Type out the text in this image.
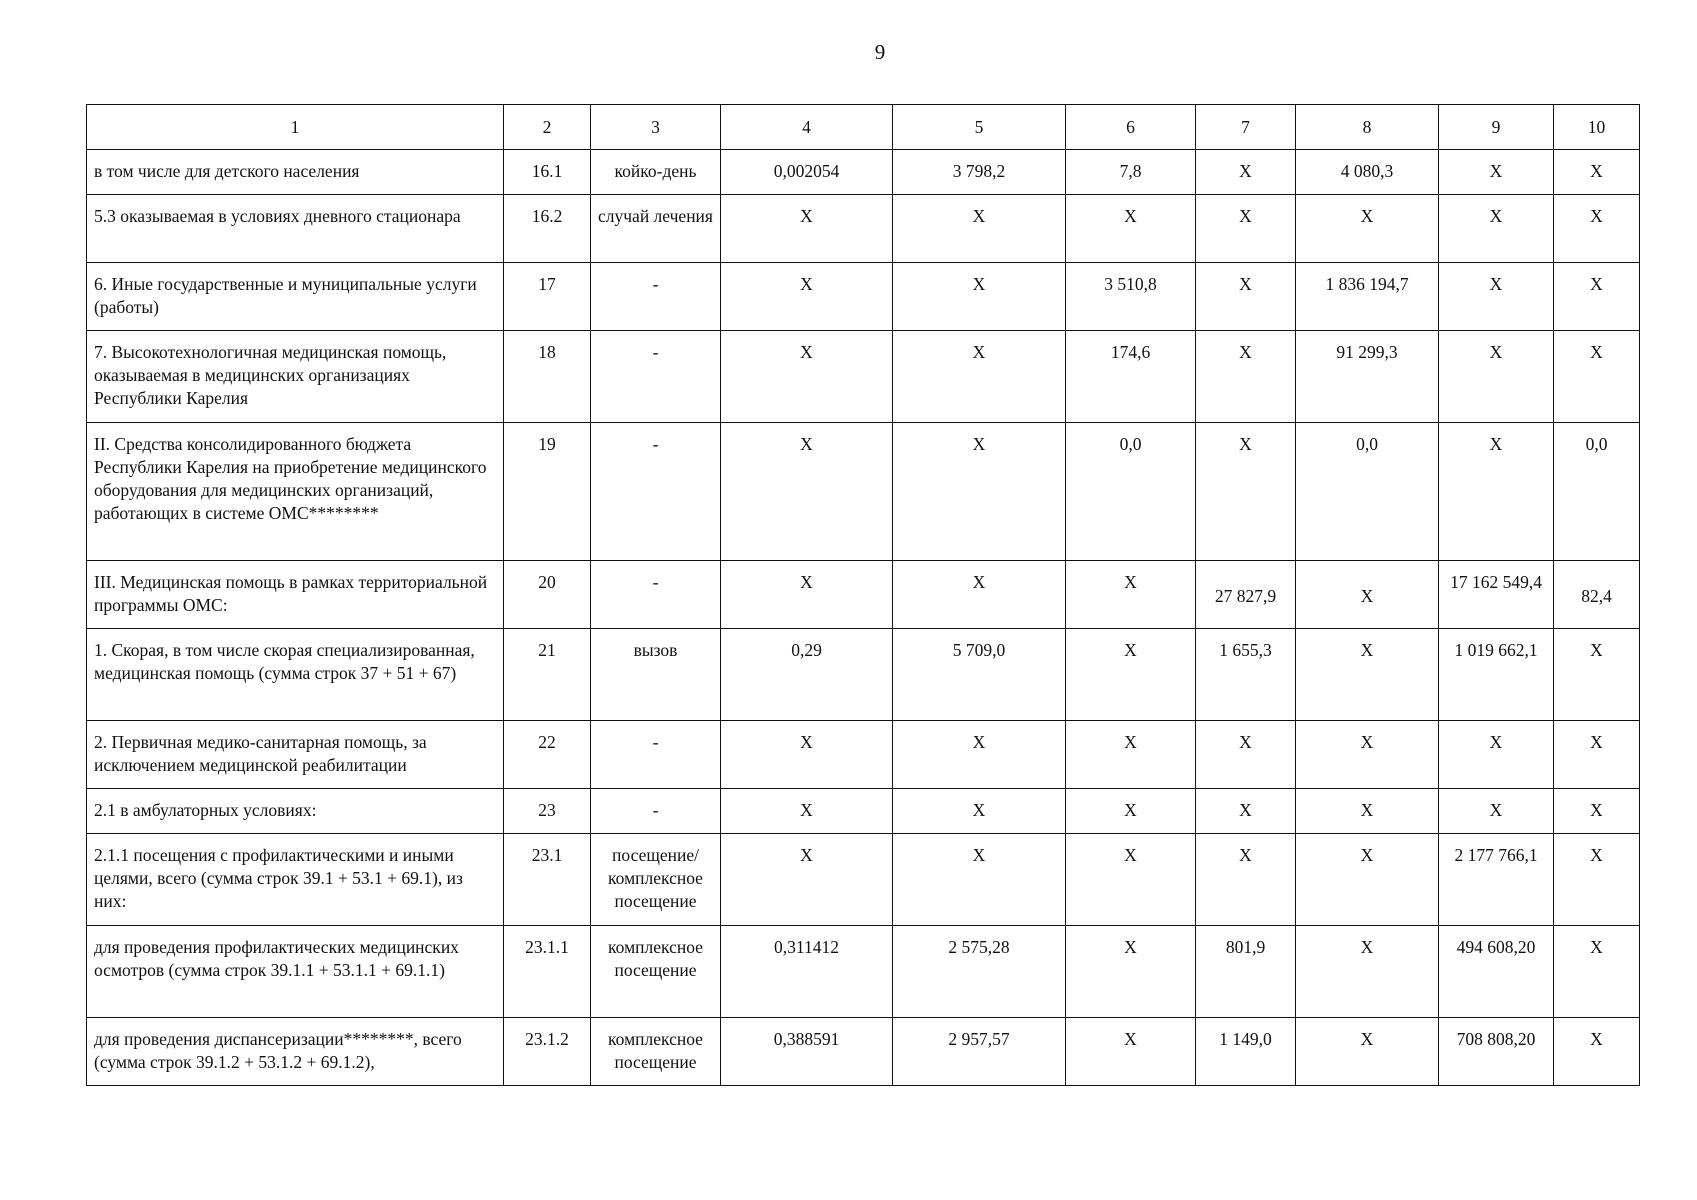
9
1	2	3	4	5	6	7	8	9	10
в том числе для детского населения	16.1	койко-день	0,002054	3 798,2	7,8	Х	4 080,3	Х	Х
5.3 оказываемая в условиях дневного стационара	16.2	случай лечения	Х	Х	Х	Х	Х	Х	Х
6. Иные государственные и муниципальные услуги (работы)	17	-	Х	Х	3 510,8	Х	1 836 194,7	Х	Х
7. Высокотехнологичная медицинская помощь, оказываемая в медицинских организациях Республики Карелия	18	-	Х	Х	174,6	Х	91 299,3	Х	Х
II. Средства консолидированного бюджета Республики Карелия на приобретение медицинского оборудования для медицинских организаций, работающих в системе ОМС********	19	-	Х	Х	0,0	Х	0,0	Х	0,0
III. Медицинская помощь в рамках территориальной программы ОМС:	20	-	Х	Х	Х	27 827,9	Х	17 162 549,4	82,4
1. Скорая, в том числе скорая специализированная, медицинская помощь (сумма строк 37 + 51 + 67)	21	вызов	0,29	5 709,0	Х	1 655,3	Х	1 019 662,1	Х
2. Первичная медико-санитарная помощь, за исключением медицинской реабилитации	22	-	Х	Х	Х	Х	Х	Х	Х
2.1 в амбулаторных условиях:	23	-	Х	Х	Х	Х	Х	Х	Х
2.1.1 посещения с профилактическими и иными целями, всего (сумма строк 39.1 + 53.1 + 69.1), из них:	23.1	посещение/ комплексное посещение	Х	Х	Х	Х	Х	2 177 766,1	Х
для проведения профилактических медицинских осмотров (сумма строк 39.1.1 + 53.1.1 + 69.1.1)	23.1.1	комплексное посещение	0,311412	2 575,28	Х	801,9	Х	494 608,20	Х
для проведения диспансеризации********, всего (сумма строк 39.1.2 + 53.1.2 + 69.1.2),	23.1.2	комплексное посещение	0,388591	2 957,57	Х	1 149,0	Х	708 808,20	Х
